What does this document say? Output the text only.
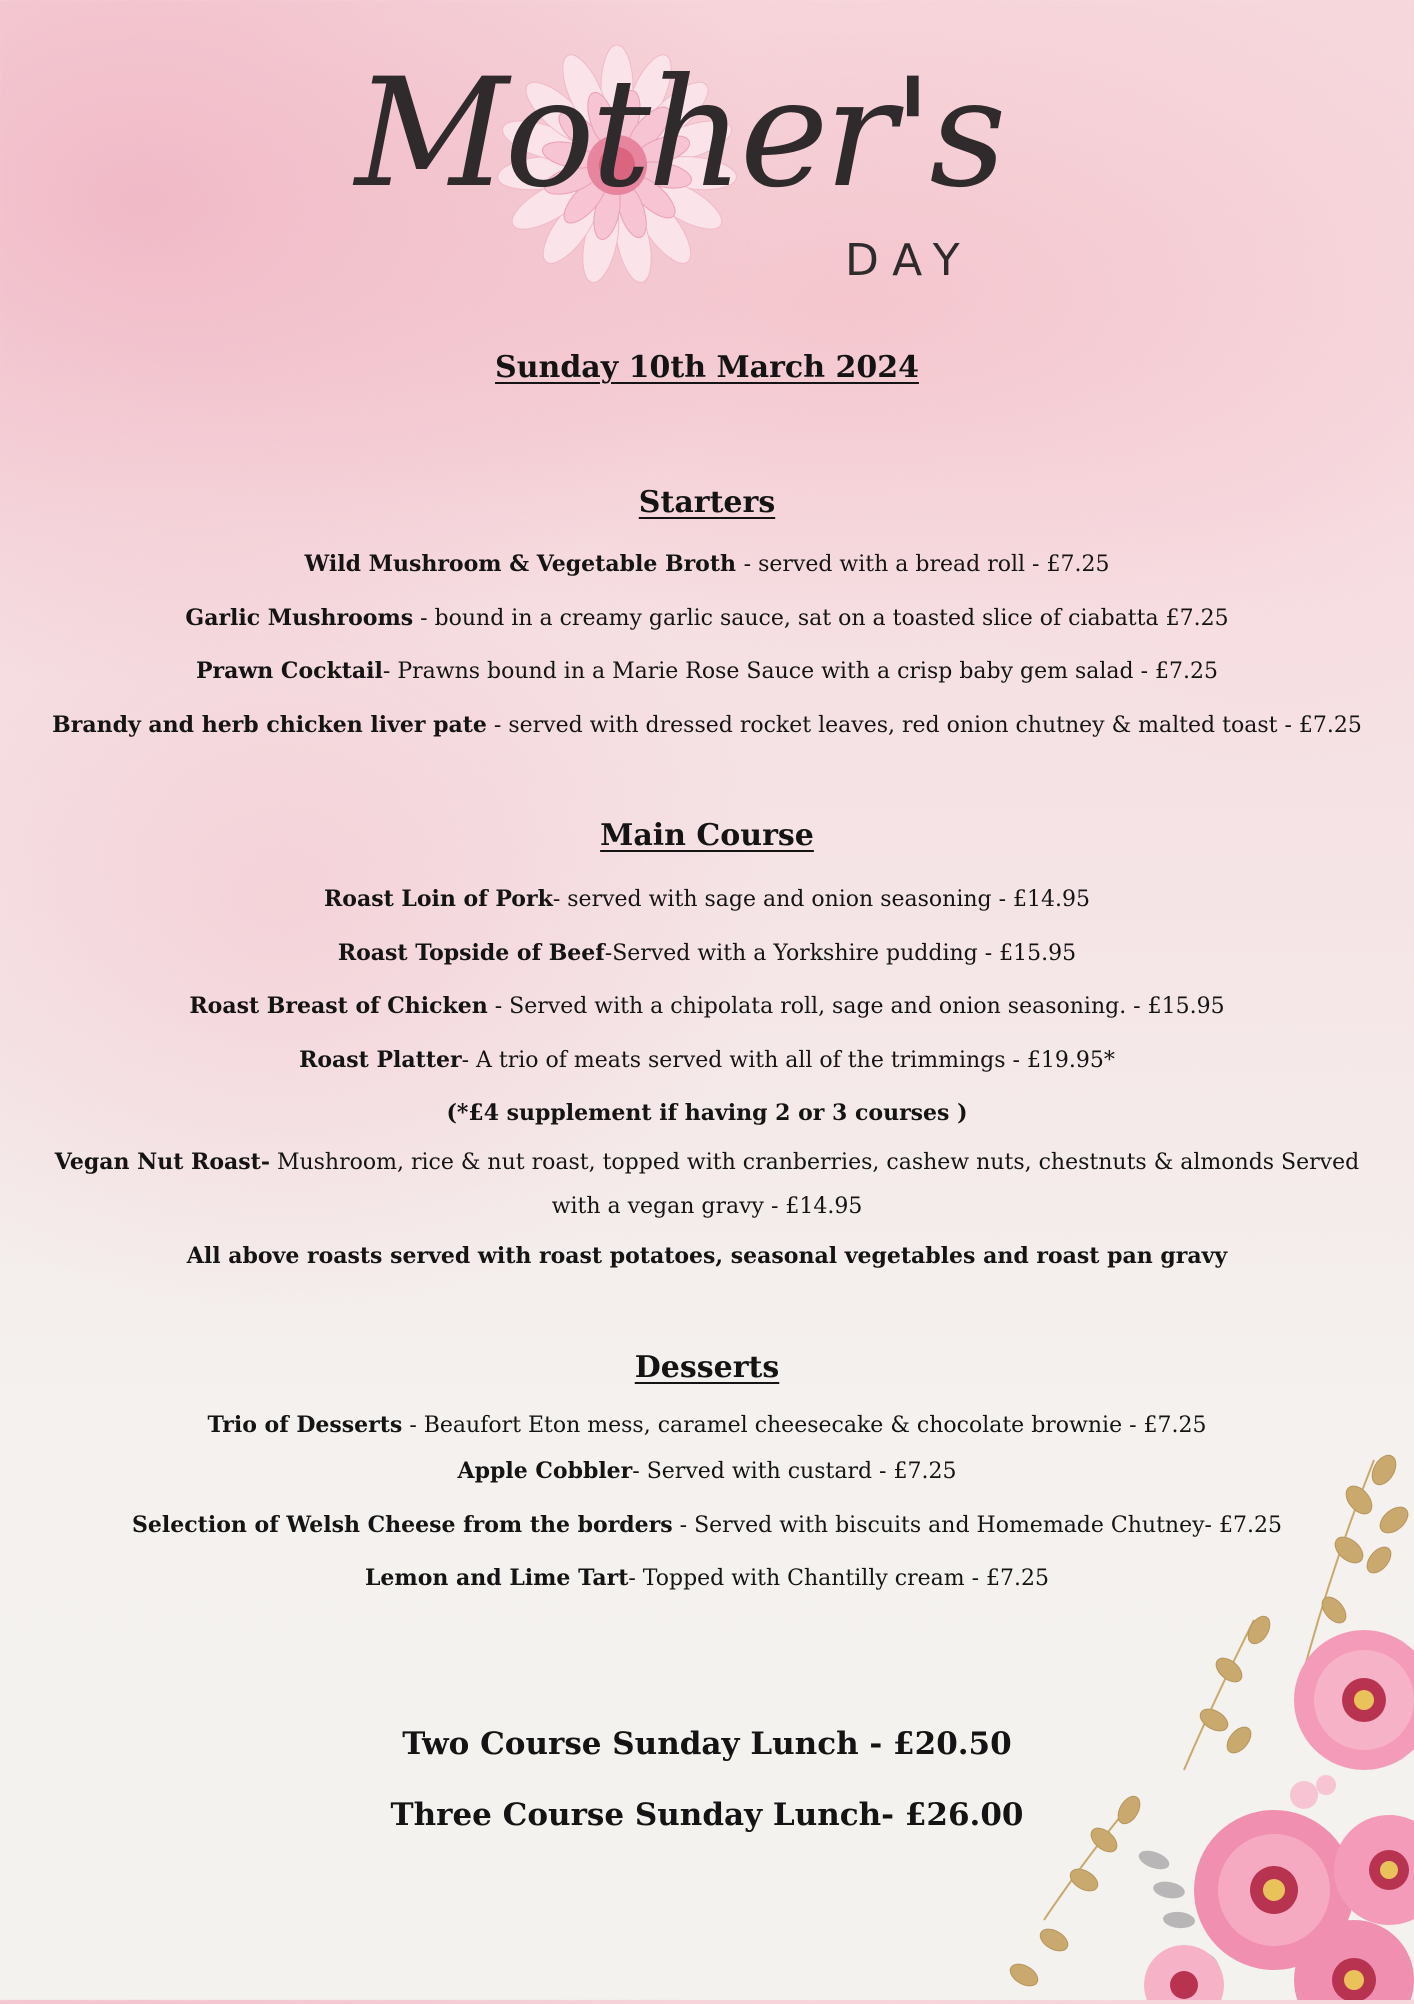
Mother's
DAY
Sunday 10th March 2024
Starters
Wild Mushroom & Vegetable Broth - served with a bread roll - £7.25
Garlic Mushrooms - bound in a creamy garlic sauce, sat on a toasted slice of ciabatta £7.25
Prawn Cocktail- Prawns bound in a Marie Rose Sauce with a crisp baby gem salad - £7.25
Brandy and herb chicken liver pate - served with dressed rocket leaves, red onion chutney & malted toast - £7.25
Main Course
Roast Loin of Pork- served with sage and onion seasoning - £14.95
Roast Topside of Beef-Served with a Yorkshire pudding - £15.95
Roast Breast of Chicken - Served with a chipolata roll, sage and onion seasoning. - £15.95
Roast Platter- A trio of meats served with all of the trimmings - £19.95*
(*£4 supplement if having 2 or 3 courses )
Vegan Nut Roast- Mushroom, rice & nut roast, topped with cranberries, cashew nuts, chestnuts & almonds Served with a vegan gravy - £14.95
All above roasts served with roast potatoes, seasonal vegetables and roast pan gravy
Desserts
Trio of Desserts - Beaufort Eton mess, caramel cheesecake & chocolate brownie - £7.25
Apple Cobbler- Served with custard - £7.25
Selection of Welsh Cheese from the borders - Served with biscuits and Homemade Chutney- £7.25
Lemon and Lime Tart- Topped with Chantilly cream - £7.25
Two Course Sunday Lunch - £20.50
Three Course Sunday Lunch- £26.00
